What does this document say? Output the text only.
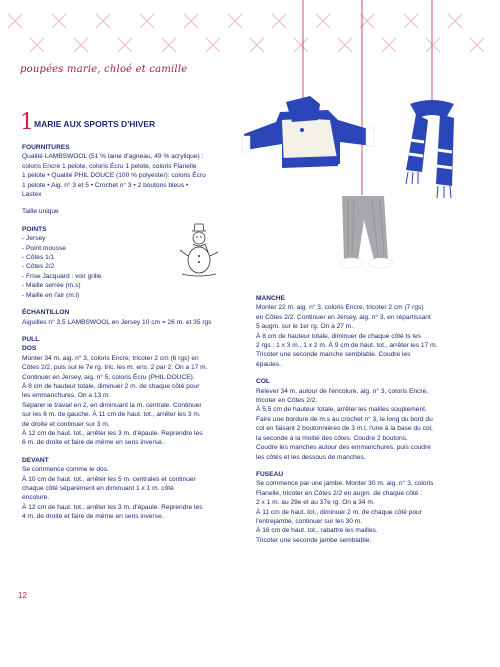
poupées marie, chloé et camille
1 MARIE AUX SPORTS D'HIVER

FOURNITURES

Qualité LAMBSWOOL (51 % laine d'agneau, 49 % acrylique) :

coloris Encre 1 pelote, coloris Écru 1 pelote, coloris Flanelle

1 pelote • Qualité PHIL DOUCE (100 % polyester): coloris Écru

1 pelote • Aig. n° 3 et 5 • Crochet n° 3 • 2 boutons bleus •

Lastex

Taille unique

POINTS

- Jersey

- Point mousse

- Côtes 1/1

- Côtes 2/2

- Frise Jacquard : voir grille

- Maille serrée (m.s)

- Maille en l'air (m.l)

ÉCHANTILLON

Aiguilles n° 3,5 LAMBSWOOL en Jersey 10 cm = 26 m. et 35 rgs

PULL

DOS

Monter 34 m. aig. n° 3, coloris Encre, tricoter 2 cm (6 rgs) en

Côtes 2/2, puis sur le 7e rg. tric. les m. ens. 2 par 2. On a 17 m.

Continuer en Jersey, aig. n° 5, coloris Écru (PHIL DOUCE).

À 8 cm de hauteur totale, diminuer 2 m. de chaque côté pour

les emmanchures. On a 13 m.

Séparer le travail en 2, en diminuant la m. centrale. Continuer

sur les 6 m. de gauche. À 11 cm de haut. tot., arrêter les 3 m.

de droite et continuer sur 3 m.

À 12 cm de haut. tot., arrêter les 3 m. d'épaule. Reprendre les

6 m. de droite et faire de même en sens inverse.

DEVANT

Se commence comme le dos.

À 10 cm de haut. tot., arrêter les 5 m. centrales et continuer

chaque côté séparément en diminuant 1 x 1 m. côté

encolure.

À 12 cm de haut. tot., arrêter les 3 m. d'épaule. Reprendre les

4 m. de droite et faire de même en sens inverse.

MANCHE

Monter 22 m. aig. n° 3, coloris Encre, tricoter 2 cm (7 rgs)

en Côtes 2/2. Continuer en Jersey, aig. n° 3, en répartissant

5 augm. sur le 1er rg. On a 27 m.

À 8 cm de hauteur totale, diminuer de chaque côté ts les

2 rgs : 1 x 3 m., 1 x 2 m. À 9 cm de haut. tot., arrêter les 17 m.

Tricoter une seconde manche semblable. Coudre les

épaules.

COL

Relever 34 m. autour de l'encolure, aig. n° 3, coloris Encre,

tricoter en Côtes 2/2.

À 5,5 cm de hauteur totale, arrêter les mailles souplement.

Faire une bordure de m.s au crochet n° 3, le long du bord du

col en faisant 2 boutonnières de 3 m.l, l'une à la base du col,

la seconde à la moitié des côtes. Coudre 2 boutons.

Coudre les manches autour des emmanchures, puis coudre

les côtés et les dessous de manches.

FUSEAU

Se commence par une jambe. Monter 30 m. aig. n° 3, coloris

Flanelle, tricoter en Côtes 2/2 en augm. de chaque côté :

2 x 1 m. au 29e et au 37e rg. On a 34 m.

À 11 cm de haut. tot., diminuer 2 m. de chaque côté pour

l'entrejambe, continuer sur les 30 m.

À 16 cm de haut. tot., rabattre les mailles.

Tricoter une seconde jambe semblable.

12
